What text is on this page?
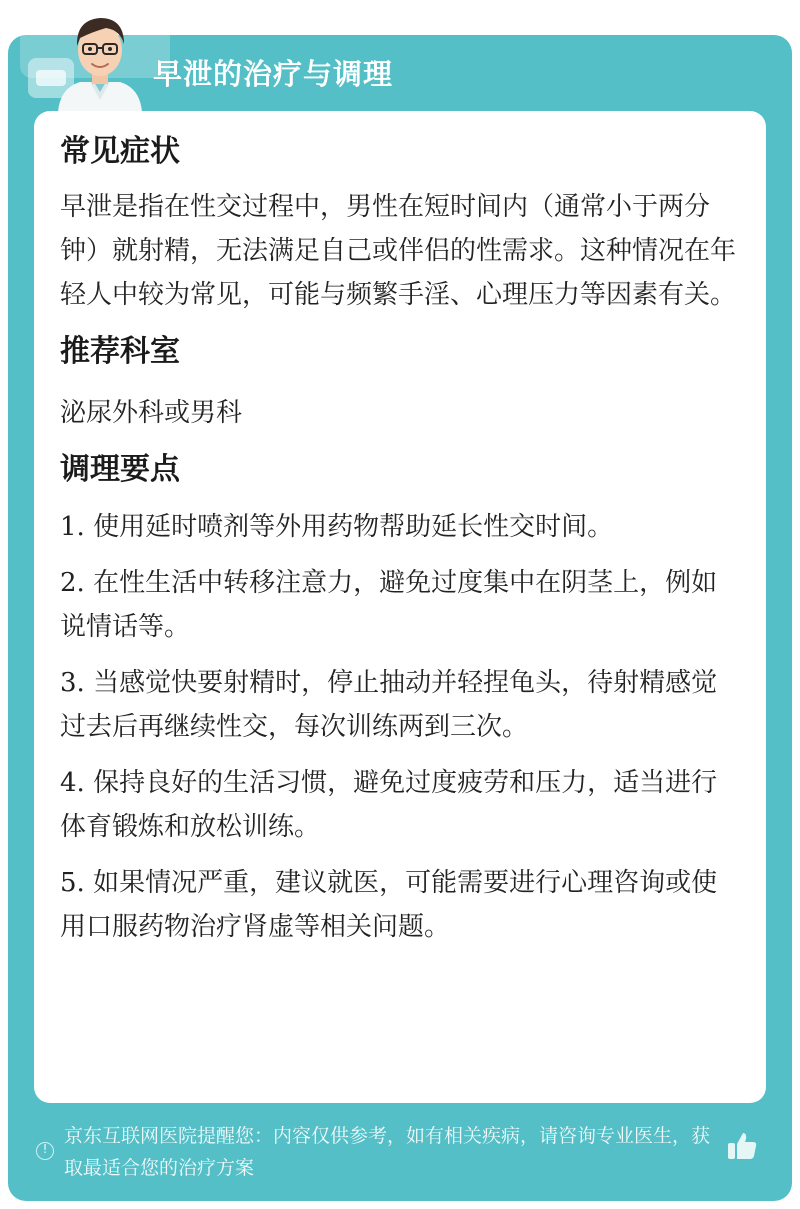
早泄的治疗与调理
常见症状

早泄是指在性交过程中，男性在短时间内（通常小于两分钟）就射精，无法满足自己或伴侣的性需求。这种情况在年轻人中较为常见，可能与频繁手淫、心理压力等因素有关。

推荐科室

泌尿外科或男科

调理要点
1. 使用延时喷剂等外用药物帮助延长性交时间。
2. 在性生活中转移注意力，避免过度集中在阴茎上，例如说情话等。
3. 当感觉快要射精时，停止抽动并轻捏龟头，待射精感觉过去后再继续性交，每次训练两到三次。
4. 保持良好的生活习惯，避免过度疲劳和压力，适当进行体育锻炼和放松训练。
5. 如果情况严重，建议就医，可能需要进行心理咨询或使用口服药物治疗肾虚等相关问题。
!
京东互联网医院提醒您：内容仅供参考，如有相关疾病，请咨询专业医生，获取最适合您的治疗方案
